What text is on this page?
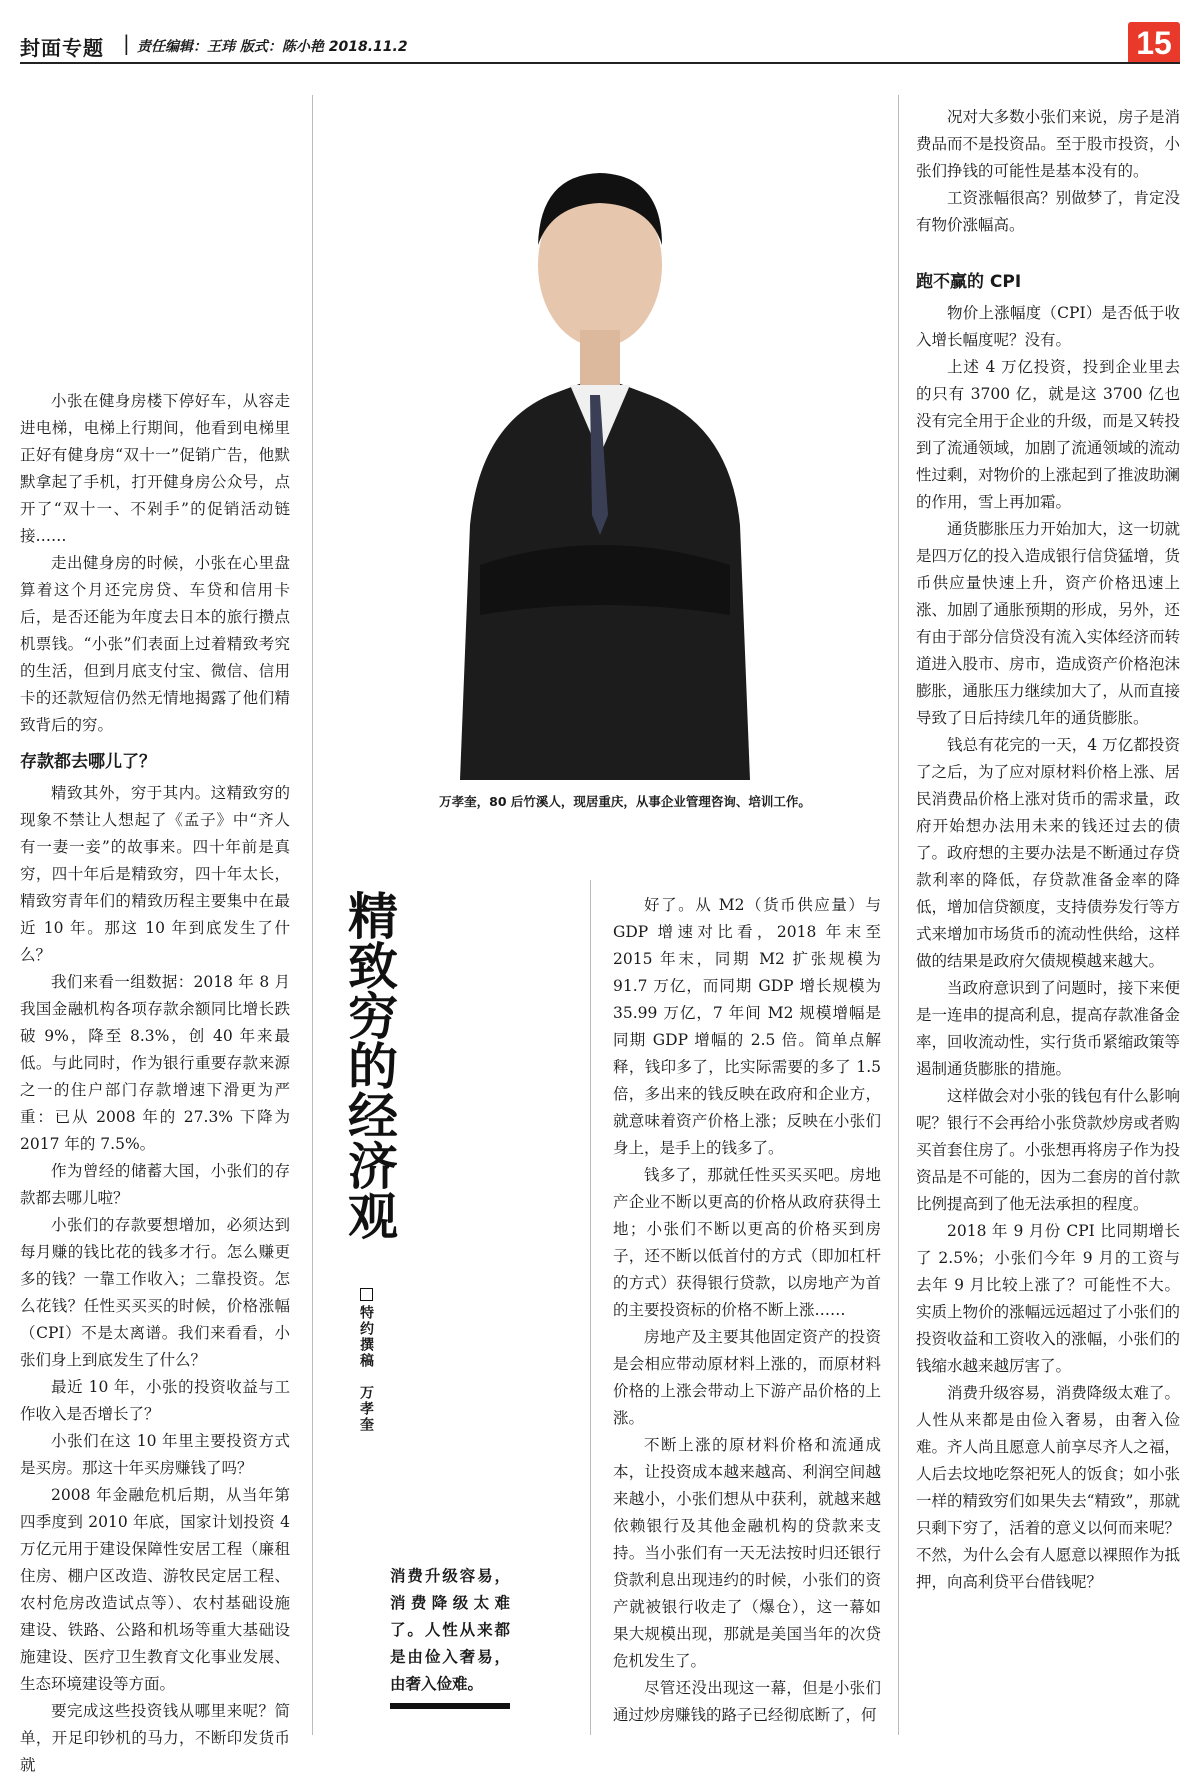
封面专题 | 责任编辑：王玮 版式：陈小艳 2018.11.2	15

小张在健身房楼下停好车，从容走进电梯，电梯上行期间，他看到电梯里正好有健身房“双十一”促销广告，他默默拿起了手机，打开健身房公众号，点开了“双十一、不剁手”的促销活动链接……

走出健身房的时候，小张在心里盘算着这个月还完房贷、车贷和信用卡后，是否还能为年度去日本的旅行攒点机票钱。“小张”们表面上过着精致考究的生活，但到月底支付宝、微信、信用卡的还款短信仍然无情地揭露了他们精致背后的穷。

存款都去哪儿了？

精致其外，穷于其内。这精致穷的现象不禁让人想起了《孟子》中“齐人有一妻一妾”的故事来。四十年前是真穷，四十年后是精致穷，四十年太长，精致穷青年们的精致历程主要集中在最近 10 年。那这 10 年到底发生了什么？

我们来看一组数据：2018 年 8 月我国金融机构各项存款余额同比增长跌破 9%，降至 8.3%，创 40 年来最低。与此同时，作为银行重要存款来源之一的住户部门存款增速下滑更为严重：已从 2008 年的 27.3% 下降为 2017 年的 7.5%。

作为曾经的储蓄大国，小张们的存款都去哪儿啦？

小张们的存款要想增加，必须达到每月赚的钱比花的钱多才行。怎么赚更多的钱？一靠工作收入；二靠投资。怎么花钱？任性买买买的时候，价格涨幅（CPI）不是太离谱。我们来看看，小张们身上到底发生了什么？

最近 10 年，小张的投资收益与工作收入是否增长了？

小张们在这 10 年里主要投资方式是买房。那这十年买房赚钱了吗？

2008 年金融危机后期，从当年第四季度到 2010 年底，国家计划投资 4 万亿元用于建设保障性安居工程（廉租住房、棚户区改造、游牧民定居工程、农村危房改造试点等）、农村基础设施建设、铁路、公路和机场等重大基础设施建设、医疗卫生教育文化事业发展、生态环境建设等方面。

要完成这些投资钱从哪里来呢？简单，开足印钞机的马力，不断印发货币就

万孝奎，80 后竹溪人，现居重庆，从事企业管理咨询、培训工作。
精致穷的经济观
特约撰稿　万孝奎
消费升级容易，消费降级太难了。人性从来都是由俭入奢易，由奢入俭难。

好了。从 M2（货币供应量）与 GDP 增速对比看，2018 年末至 2015 年末，同期 M2 扩张规模为 91.7 万亿，而同期 GDP 增长规模为 35.99 万亿，7 年间 M2 规模增幅是同期 GDP 增幅的 2.5 倍。简单点解释，钱印多了，比实际需要的多了 1.5 倍，多出来的钱反映在政府和企业方，就意味着资产价格上涨；反映在小张们身上，是手上的钱多了。

钱多了，那就任性买买买吧。房地产企业不断以更高的价格从政府获得土地；小张们不断以更高的价格买到房子，还不断以低首付的方式（即加杠杆的方式）获得银行贷款，以房地产为首的主要投资标的价格不断上涨……

房地产及主要其他固定资产的投资是会相应带动原材料上涨的，而原材料价格的上涨会带动上下游产品价格的上涨。

不断上涨的原材料价格和流通成本，让投资成本越来越高、利润空间越来越小，小张们想从中获利，就越来越依赖银行及其他金融机构的贷款来支持。当小张们有一天无法按时归还银行贷款利息出现违约的时候，小张们的资产就被银行收走了（爆仓），这一幕如果大规模出现，那就是美国当年的次贷危机发生了。

尽管还没出现这一幕，但是小张们通过炒房赚钱的路子已经彻底断了，何

况对大多数小张们来说，房子是消费品而不是投资品。至于股市投资，小张们挣钱的可能性是基本没有的。

工资涨幅很高？别做梦了，肯定没有物价涨幅高。

跑不赢的 CPI

物价上涨幅度（CPI）是否低于收入增长幅度呢？没有。

上述 4 万亿投资，投到企业里去的只有 3700 亿，就是这 3700 亿也没有完全用于企业的升级，而是又转投到了流通领域，加剧了流通领域的流动性过剩，对物价的上涨起到了推波助澜的作用，雪上再加霜。

通货膨胀压力开始加大，这一切就是四万亿的投入造成银行信贷猛增，货币供应量快速上升，资产价格迅速上涨、加剧了通胀预期的形成，另外，还有由于部分信贷没有流入实体经济而转道进入股市、房市，造成资产价格泡沫膨胀，通胀压力继续加大了，从而直接导致了日后持续几年的通货膨胀。

钱总有花完的一天，4 万亿都投资了之后，为了应对原材料价格上涨、居民消费品价格上涨对货币的需求量，政府开始想办法用未来的钱还过去的债了。政府想的主要办法是不断通过存贷款利率的降低，存贷款准备金率的降低，增加信贷额度，支持债券发行等方式来增加市场货币的流动性供给，这样做的结果是政府欠债规模越来越大。

当政府意识到了问题时，接下来便是一连串的提高利息，提高存款准备金率，回收流动性，实行货币紧缩政策等遏制通货膨胀的措施。

这样做会对小张的钱包有什么影响呢？银行不会再给小张贷款炒房或者购买首套住房了。小张想再将房子作为投资品是不可能的，因为二套房的首付款比例提高到了他无法承担的程度。

2018 年 9 月份 CPI 比同期增长了 2.5%；小张们今年 9 月的工资与去年 9 月比较上涨了？可能性不大。实质上物价的涨幅远远超过了小张们的投资收益和工资收入的涨幅，小张们的钱缩水越来越厉害了。

消费升级容易，消费降级太难了。人性从来都是由俭入奢易，由奢入俭难。齐人尚且愿意人前享尽齐人之福，人后去坟地吃祭祀死人的饭食；如小张一样的精致穷们如果失去“精致”，那就只剩下穷了，活着的意义以何而来呢？不然，为什么会有人愿意以裸照作为抵押，向高利贷平台借钱呢？
